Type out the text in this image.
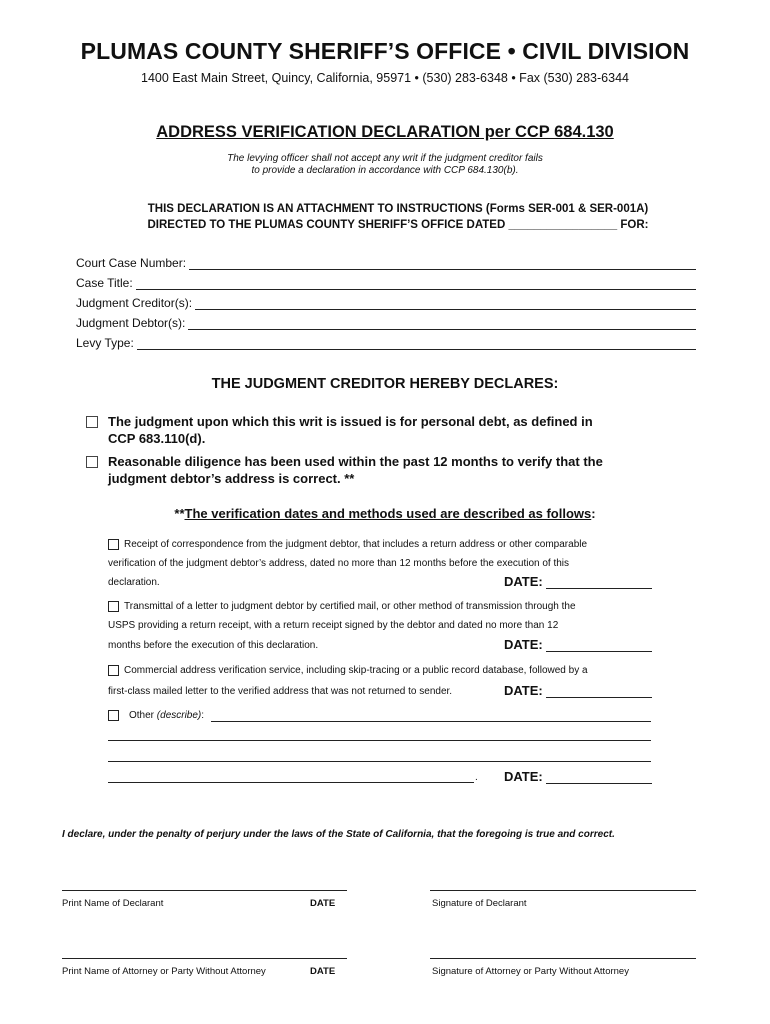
PLUMAS COUNTY SHERIFF’S OFFICE • CIVIL DIVISION
1400 East Main Street, Quincy, California, 95971 • (530) 283-6348 • Fax (530) 283-6344
ADDRESS VERIFICATION DECLARATION per CCP 684.130
The levying officer shall not accept any writ if the judgment creditor fails
to provide a declaration in accordance with CCP 684.130(b).
THIS DECLARATION IS AN ATTACHMENT TO INSTRUCTIONS (Forms SER-001 & SER-001A)
DIRECTED TO THE PLUMAS COUNTY SHERIFF’S OFFICE DATED _________________ FOR:
Court Case Number:
Case Title:
Judgment Creditor(s):
Judgment Debtor(s):
Levy Type:
THE JUDGMENT CREDITOR HEREBY DECLARES:
The judgment upon which this writ is issued is for personal debt, as defined in
CCP 683.110(d).
Reasonable diligence has been used within the past 12 months to verify that the
judgment debtor’s address is correct. **
**The verification dates and methods used are described as follows:
Receipt of correspondence from the judgment debtor, that includes a return address or other comparable
verification of the judgment debtor’s address, dated no more than 12 months before the execution of this
declaration.	DATE:
Transmittal of a letter to judgment debtor by certified mail, or other method of transmission through the
USPS providing a return receipt, with a return receipt signed by the debtor and dated no more than 12
months before the execution of this declaration.	DATE:
Commercial address verification service, including skip-tracing or a public record database, followed by a
first-class mailed letter to the verified address that was not returned to sender.	DATE:
Other (describe):
. DATE:
I declare, under the penalty of perjury under the laws of the State of California, that the foregoing is true and correct.
Print Name of Declarant	DATE	Signature of Declarant
Print Name of Attorney or Party Without Attorney	DATE	Signature of Attorney or Party Without Attorney
